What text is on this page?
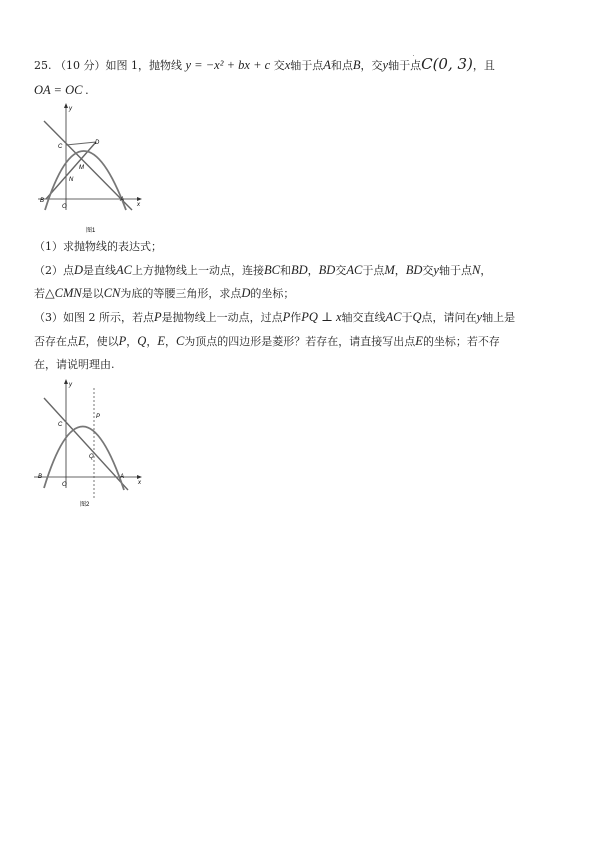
25. （10 分）如图 1，抛物线 y = −x² + bx + c 交x轴于点A和点B，交y轴于点C(0, 3)，且
OA = OC .
y
x
O
A
B
C
D
M
N
图1
（1）求抛物线的表达式；
（2）点D是直线AC上方抛物线上一动点，连接BC和BD，BD交AC于点M，BD交y轴于点N，
若△CMN是以CN为底的等腰三角形，求点D的坐标；
（3）如图 2 所示，若点P是抛物线上一动点，过点P作PQ ⊥ x轴交直线AC于Q点，请问在y轴上是
否存在点E，使以P，Q，E，C为顶点的四边形是菱形？若存在，请直接写出点E的坐标；若不存
在，请说明理由.
y
x
O
A
B
C
P
Q
图2
